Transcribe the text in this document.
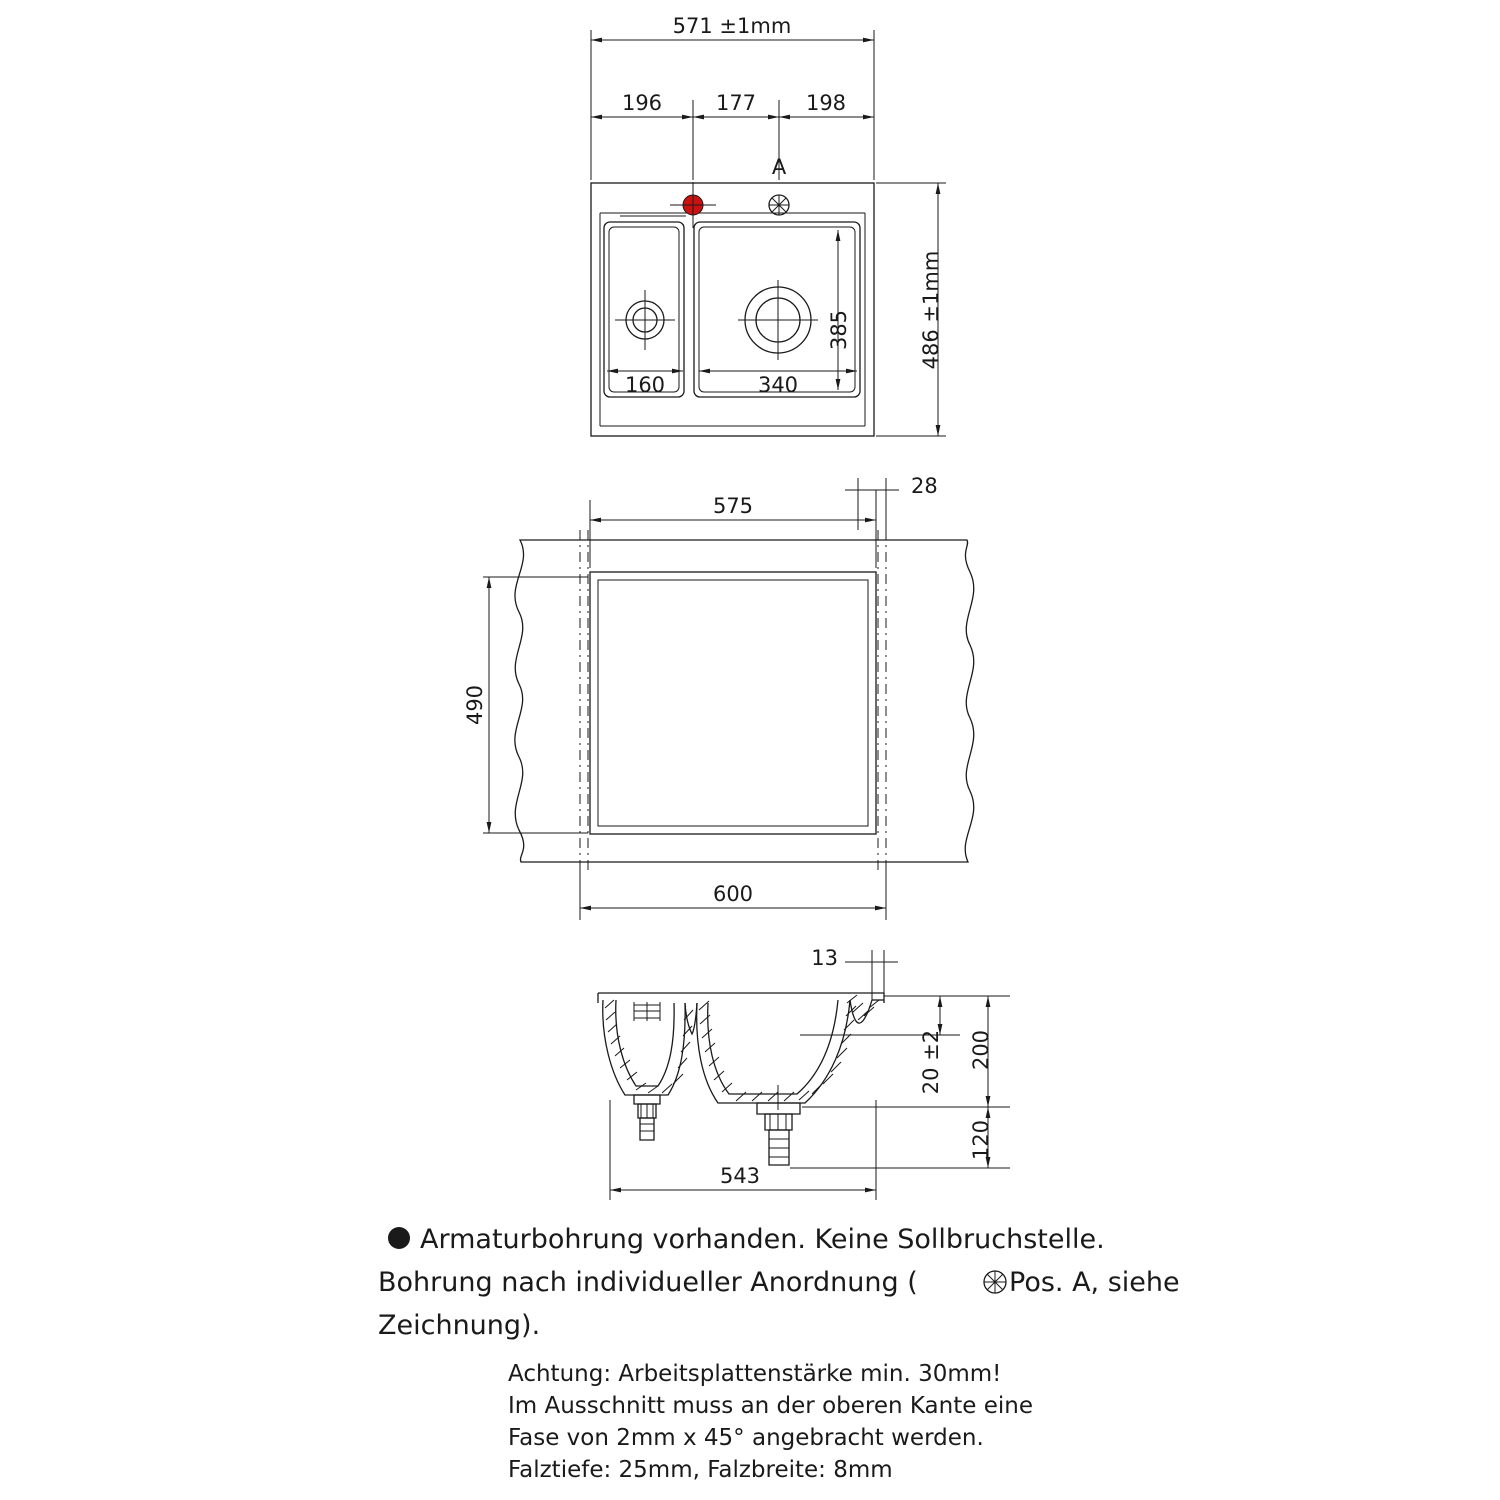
A
571 ±1mm
196	177 198
486 ±1mm
385
160	340
575
28
490
600
543
13
20 ±2 200
120
Armaturbohrung vorhanden. Keine Sollbruchstelle.
Bohrung nach individueller Anordnung (	Pos. A, siehe
Zeichnung).
Achtung: Arbeitsplattenstärke min. 30mm!
Im Ausschnitt muss an der oberen Kante eine
Fase von 2mm x 45° angebracht werden.
Falztiefe: 25mm, Falzbreite: 8mm
